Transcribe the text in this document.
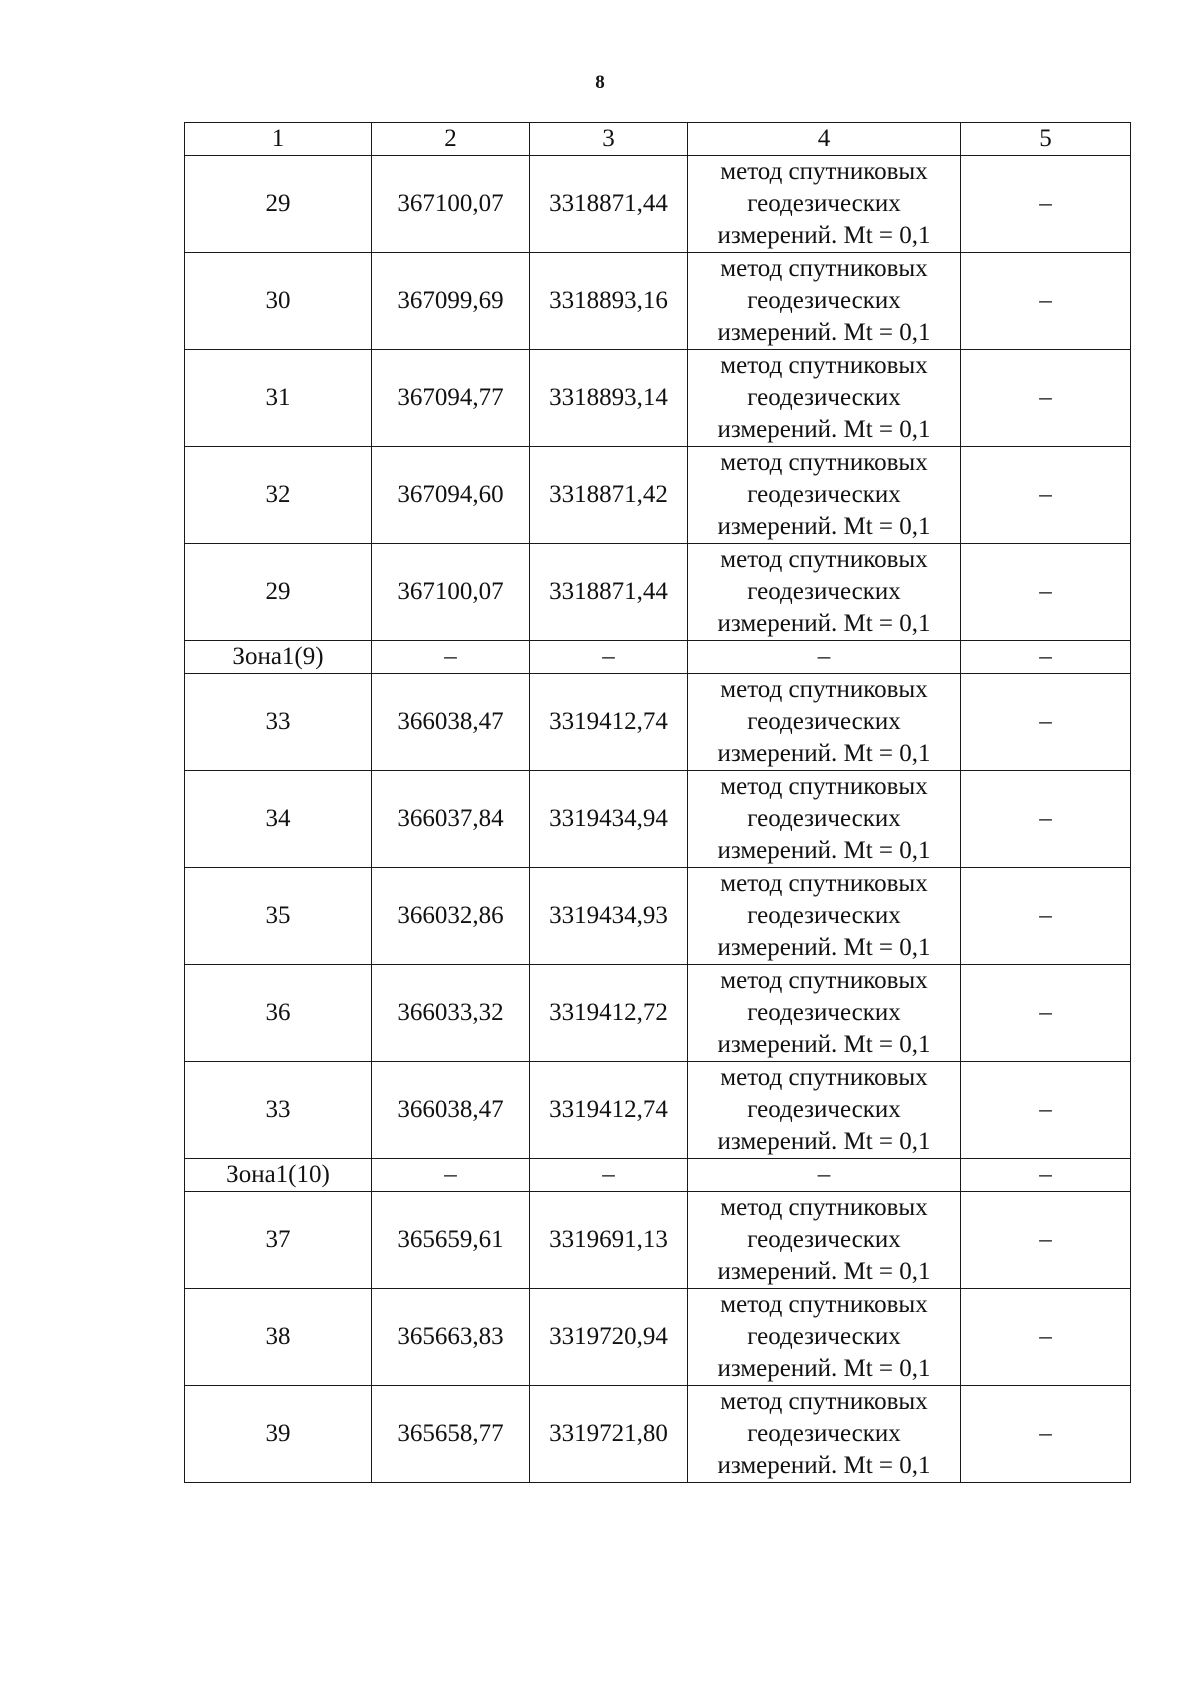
8
1	2	3	4	5
29	367100,07	3318871,44	метод спутниковых
геодезических
измерений. Mt = 0,1	–
30	367099,69	3318893,16	метод спутниковых
геодезических
измерений. Mt = 0,1	–
31	367094,77	3318893,14	метод спутниковых
геодезических
измерений. Mt = 0,1	–
32	367094,60	3318871,42	метод спутниковых
геодезических
измерений. Mt = 0,1	–
29	367100,07	3318871,44	метод спутниковых
геодезических
измерений. Mt = 0,1	–
Зона1(9)	–	–	–	–
33	366038,47	3319412,74	метод спутниковых
геодезических
измерений. Mt = 0,1	–
34	366037,84	3319434,94	метод спутниковых
геодезических
измерений. Mt = 0,1	–
35	366032,86	3319434,93	метод спутниковых
геодезических
измерений. Mt = 0,1	–
36	366033,32	3319412,72	метод спутниковых
геодезических
измерений. Mt = 0,1	–
33	366038,47	3319412,74	метод спутниковых
геодезических
измерений. Mt = 0,1	–
Зона1(10)	–	–	–	–
37	365659,61	3319691,13	метод спутниковых
геодезических
измерений. Mt = 0,1	–
38	365663,83	3319720,94	метод спутниковых
геодезических
измерений. Mt = 0,1	–
39	365658,77	3319721,80	метод спутниковых
геодезических
измерений. Mt = 0,1	–
